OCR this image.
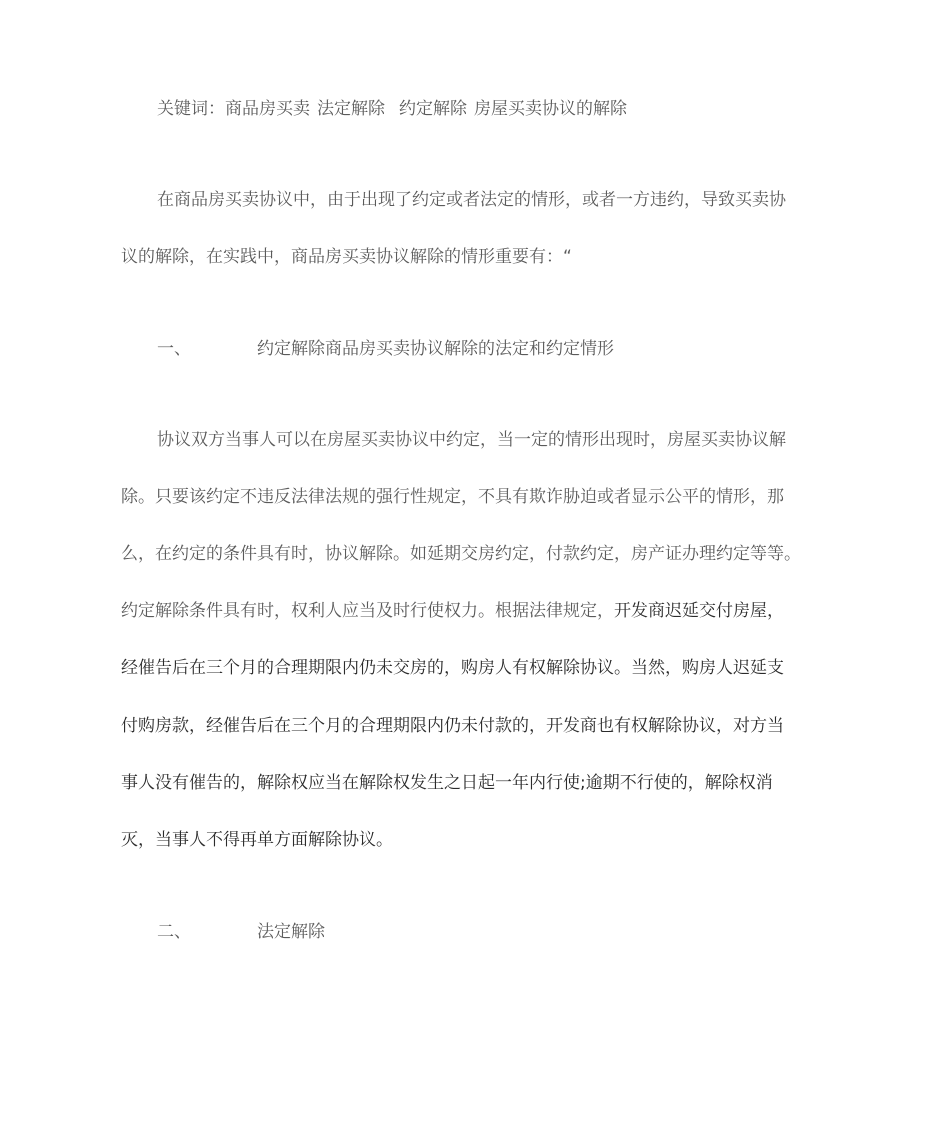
关键词：商品房买卖 法定解除 约定解除 房屋买卖协议的解除
在商品房买卖协议中，由于出现了约定或者法定的情形，或者一方违约，导致买卖协
议的解除，在实践中，商品房买卖协议解除的情形重要有：“
一、	约定解除商品房买卖协议解除的法定和约定情形
协议双方当事人可以在房屋买卖协议中约定，当一定的情形出现时，房屋买卖协议解
除。只要该约定不违反法律法规的强行性规定，不具有欺诈胁迫或者显示公平的情形，那
么，在约定的条件具有时，协议解除。如延期交房约定，付款约定，房产证办理约定等等。
约定解除条件具有时，权利人应当及时行使权力。根据法律规定，开发商迟延交付房屋，
经催告后在三个月的合理期限内仍未交房的，购房人有权解除协议。当然，购房人迟延支
付购房款，经催告后在三个月的合理期限内仍未付款的，开发商也有权解除协议，对方当
事人没有催告的，解除权应当在解除权发生之日起一年内行使;逾期不行使的，解除权消
灭，当事人不得再单方面解除协议。
二、	法定解除
